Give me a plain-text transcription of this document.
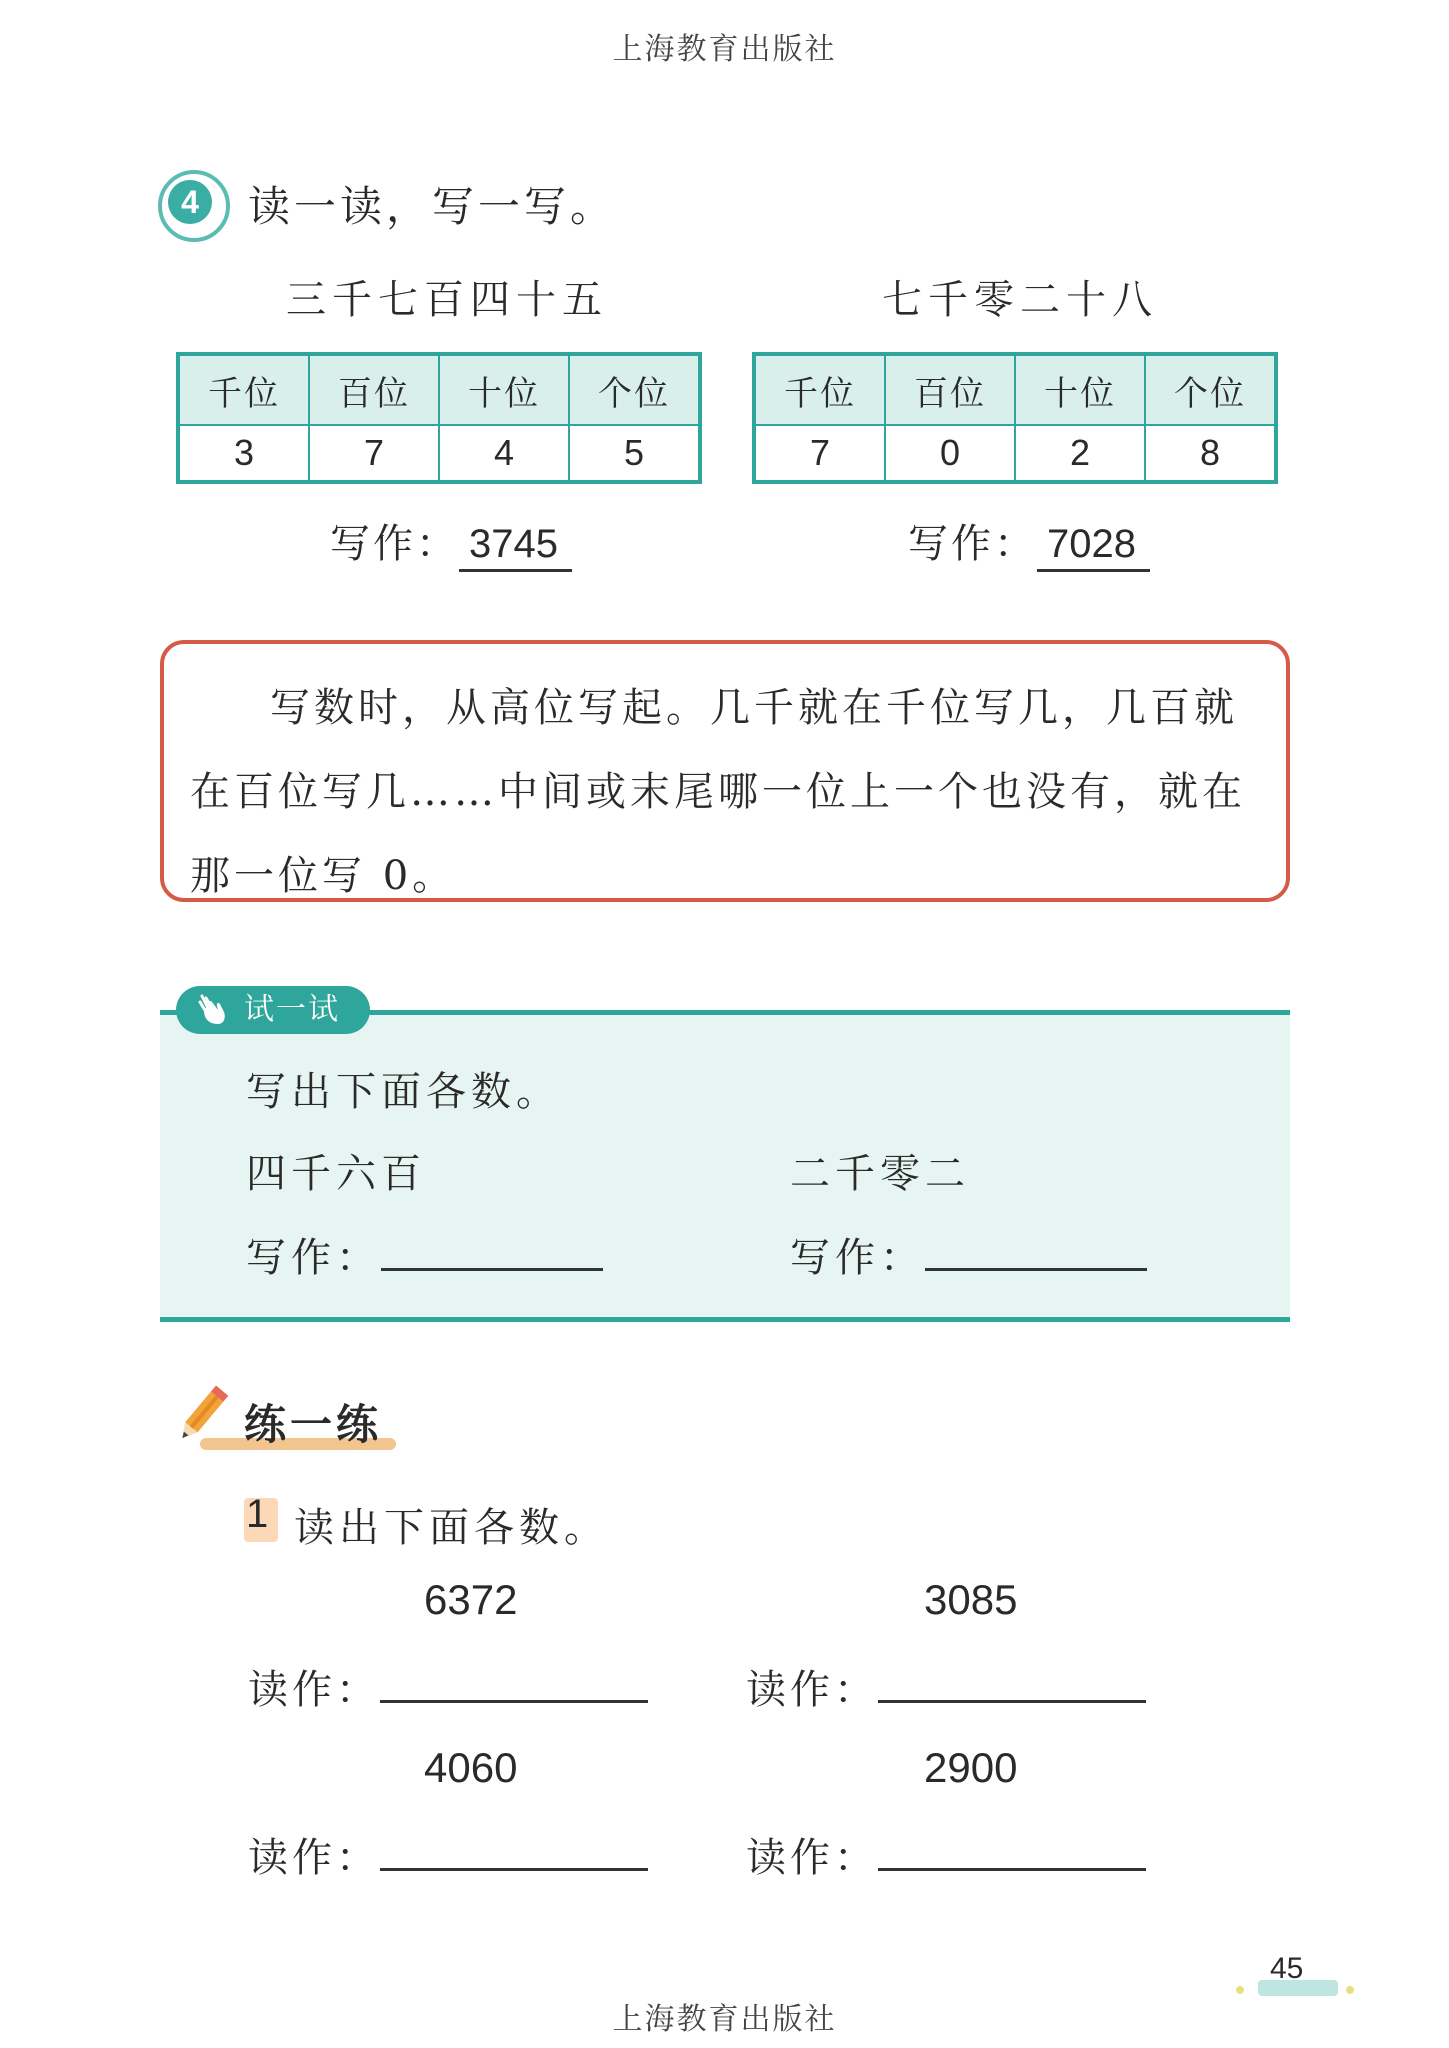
上海教育出版社
4	读一读，写一写。
三千七百四十五
千位	百位	十位	个位
3	7	4	5
写作： 3745
七千零二十八
千位	百位	十位	个位
7	0	2	8
写作： 7028

写数时，从高位写起。几千就在千位写几，几百就在百位写几……中间或末尾哪一位上一个也没有，就在那一位写 0。

试一试
写出下面各数。
四千六百	二千零二
写作：	写作：
练一练
1 读出下面各数。
6372	3085
读作：	读作：
4060	2900
读作：	读作：
45
上海教育出版社
